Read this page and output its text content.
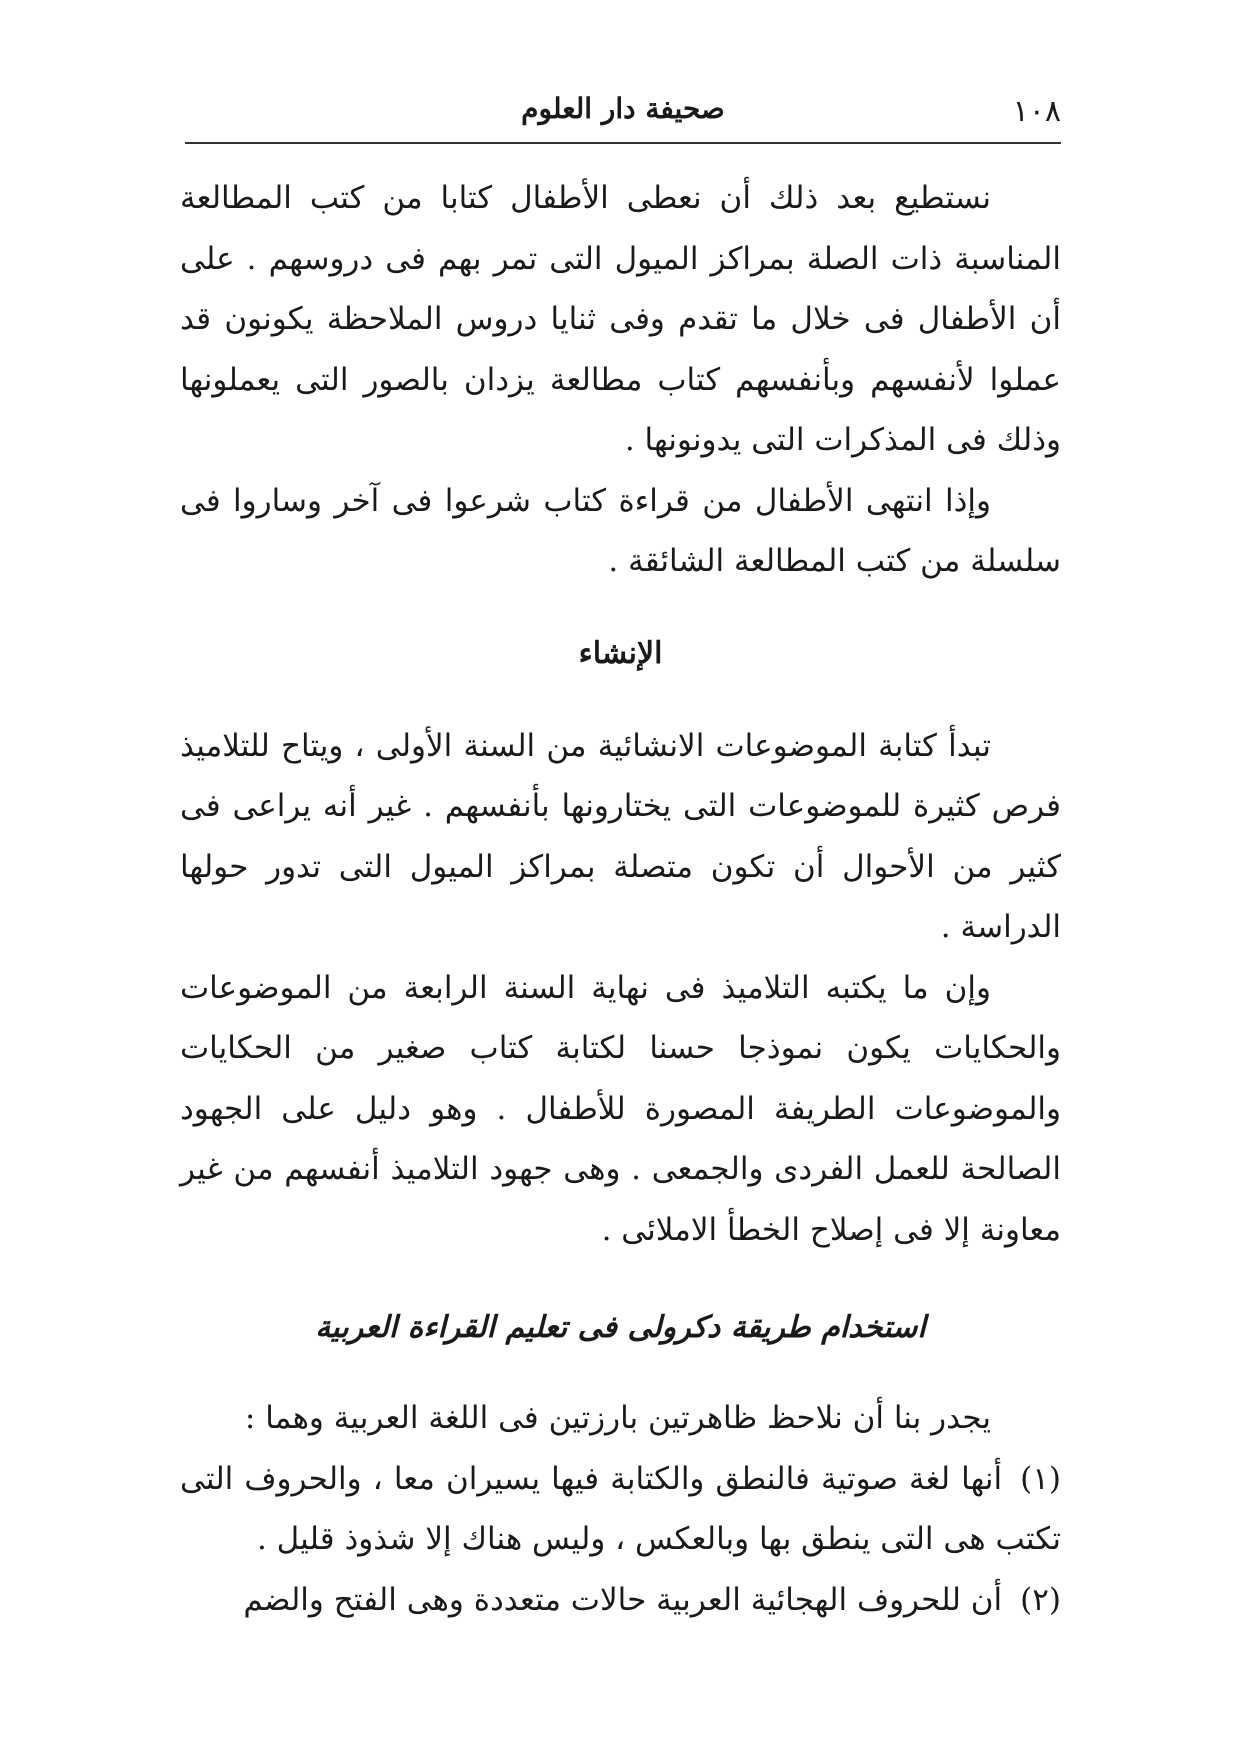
١٠٨
صحيفة دار العلوم

نستطيع بعد ذلك أن نعطى الأطفال كتابا من كتب المطالعة المناسبة ذات الصلة بمراكز الميول التى تمر بهم فى دروسهم . على أن الأطفال فى خلال ما تقدم وفى ثنايا دروس الملاحظة يكونون قد عملوا لأنفسهم وبأنفسهم كتاب مطالعة يزدان بالصور التى يعملونها وذلك فى المذكرات التى يدونونها .

وإذا انتهى الأطفال من قراءة كتاب شرعوا فى آخر وساروا فى سلسلة من كتب المطالعة الشائقة .

الإنشاء

تبدأ كتابة الموضوعات الانشائية من السنة الأولى ، ويتاح للتلاميذ فرص كثيرة للموضوعات التى يختارونها بأنفسهم . غير أنه يراعى فى كثير من الأحوال أن تكون متصلة بمراكز الميول التى تدور حولها الدراسة .

وإن ما يكتبه التلاميذ فى نهاية السنة الرابعة من الموضوعات والحكايات يكون نموذجا حسنا لكتابة كتاب صغير من الحكايات والموضوعات الطريفة المصورة للأطفال . وهو دليل على الجهود الصالحة للعمل الفردى والجمعى . وهى جهود التلاميذ أنفسهم من غير معاونة إلا فى إصلاح الخطأ الاملائى .

استخدام طريقة دكرولى فى تعليم القراءة العربية

يجدر بنا أن نلاحظ ظاهرتين بارزتين فى اللغة العربية وهما :

(١)أنها لغة صوتية فالنطق والكتابة فيها يسيران معا ، والحروف التى تكتب هى التى ينطق بها وبالعكس ، وليس هناك إلا شذوذ قليل .

(٢)أن للحروف الهجائية العربية حالات متعددة وهى الفتح والضم
